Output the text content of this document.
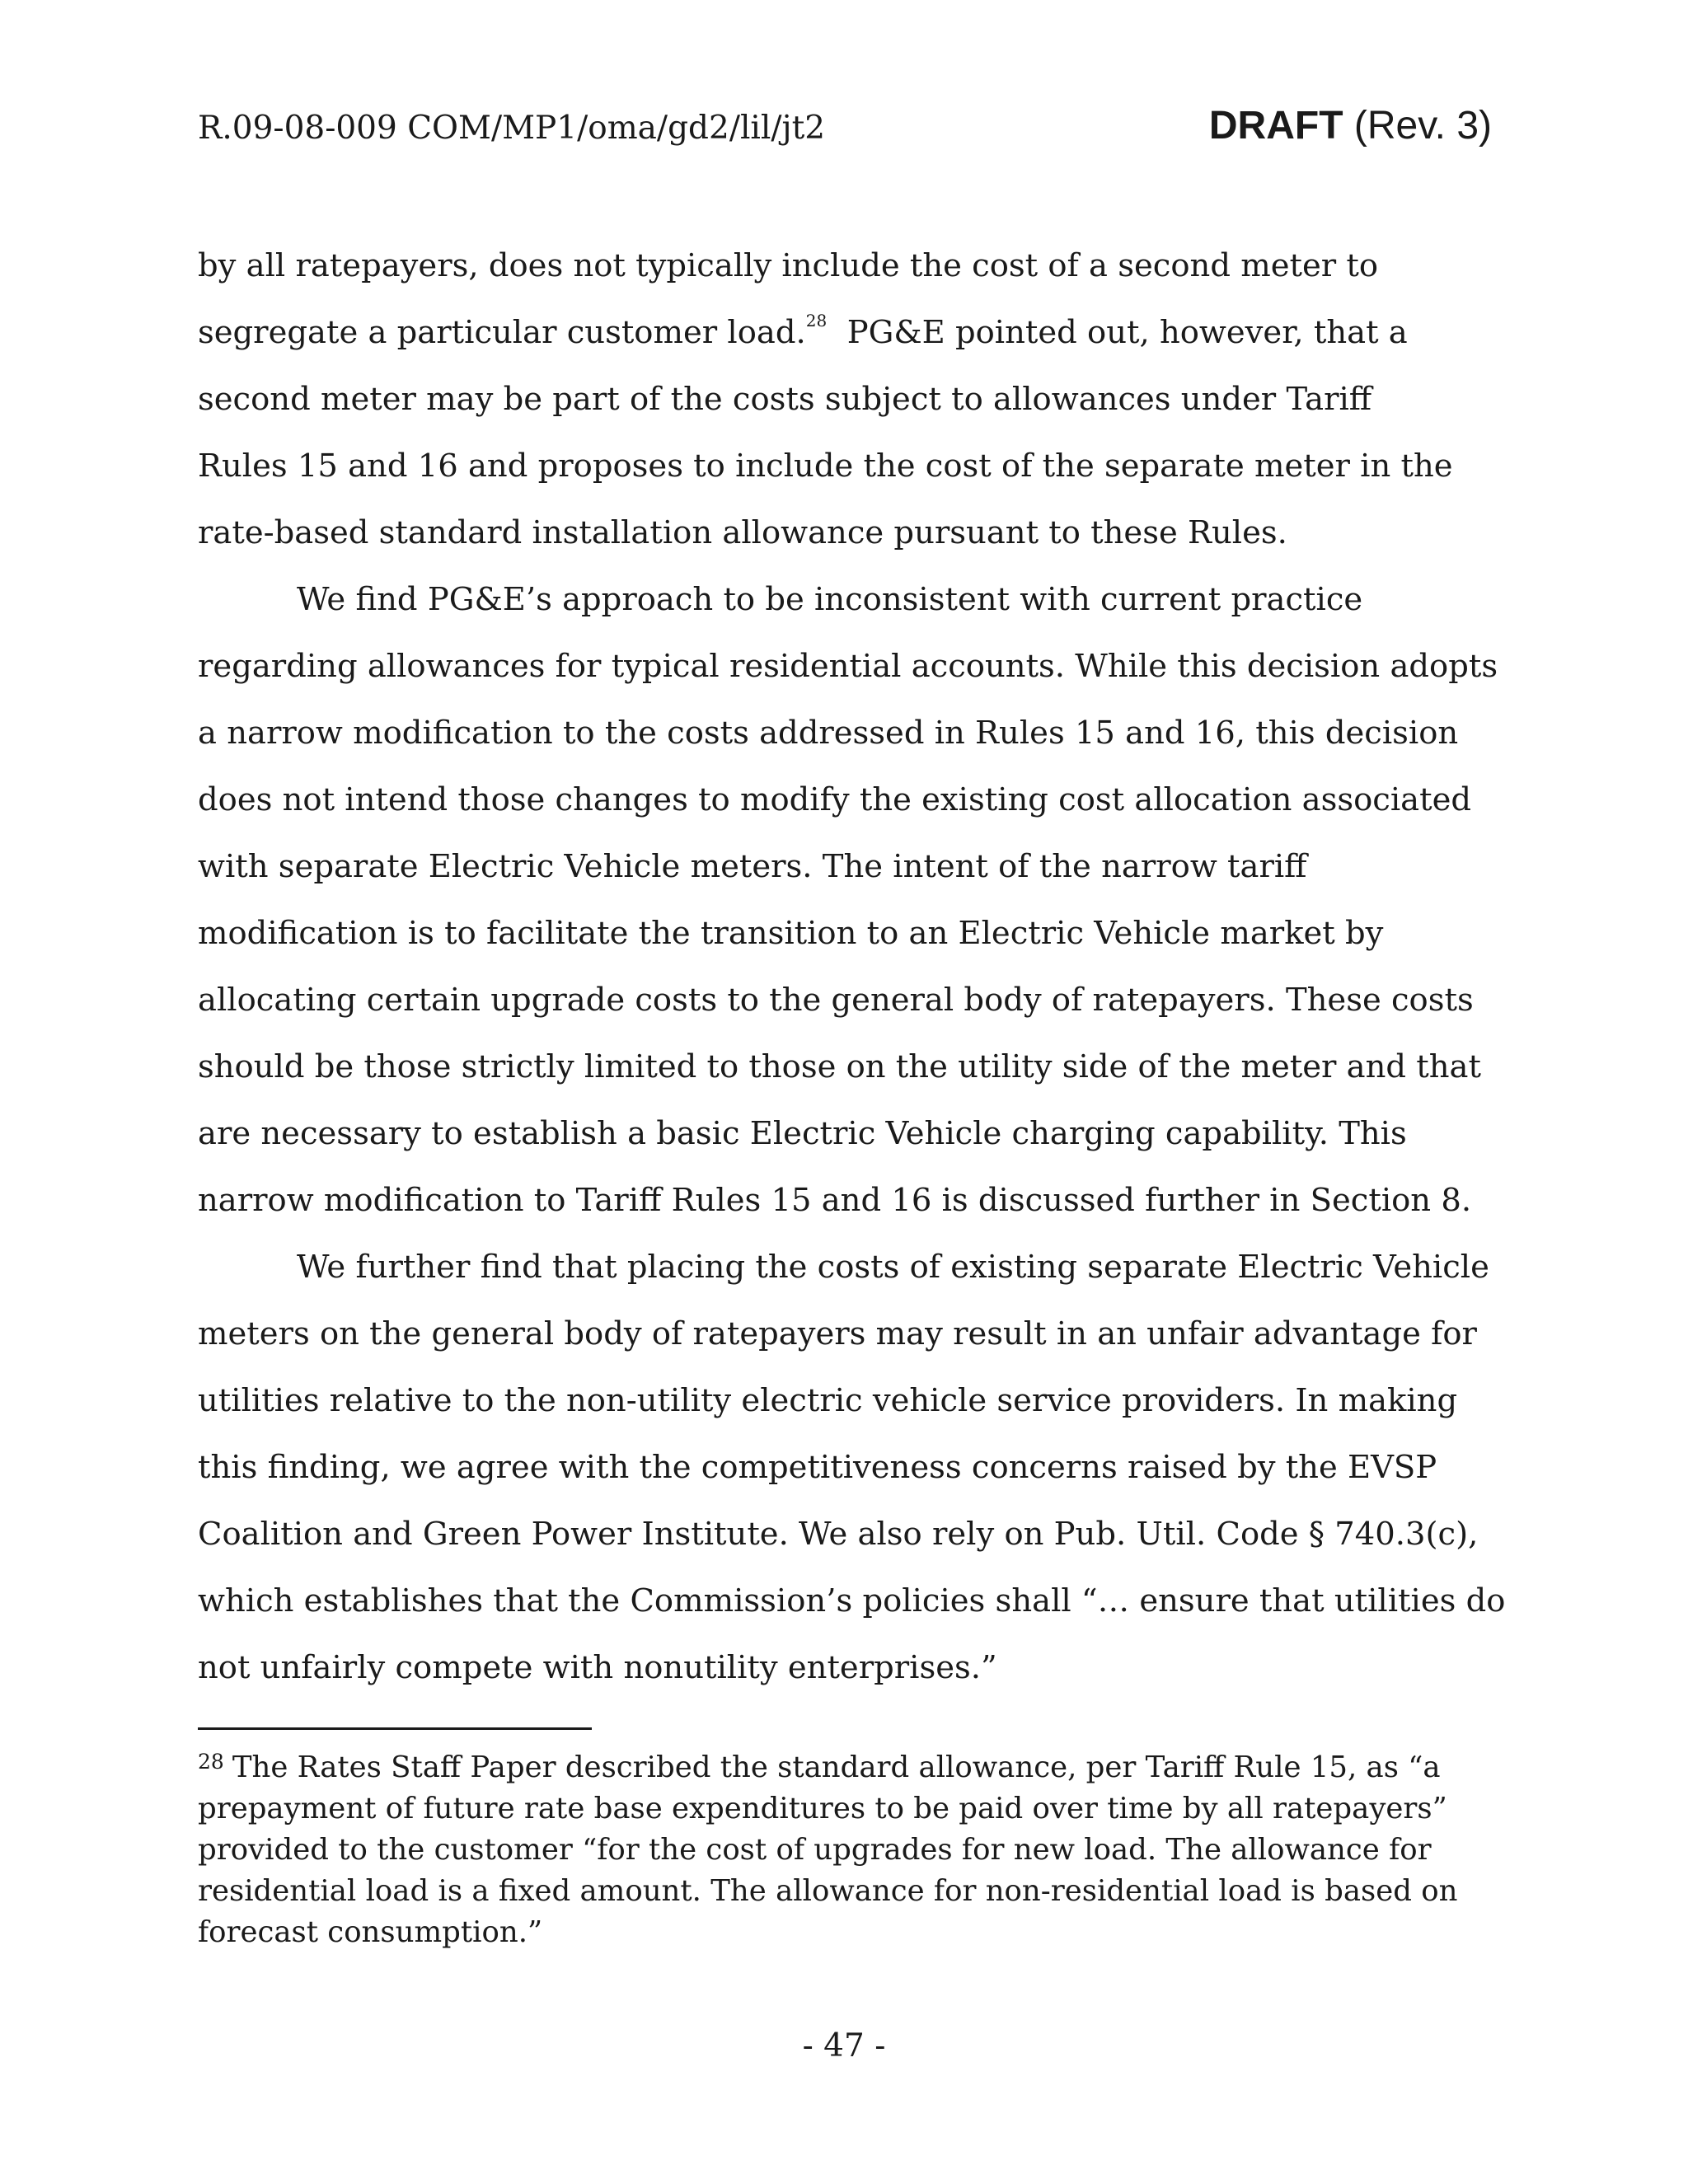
R.09-08-009 COM/MP1/oma/gd2/lil/jt2	DRAFT (Rev. 3)

by all ratepayers, does not typically include the cost of a second meter to
segregate a particular customer load.$^{28}$ PG&E pointed out, however, that a
second meter may be part of the costs subject to allowances under Tariff
Rules 15 and 16 and proposes to include the cost of the separate meter in the
rate-based standard installation allowance pursuant to these Rules.

We find PG&E’s approach to be inconsistent with current practice
regarding allowances for typical residential accounts. While this decision adopts
a narrow modification to the costs addressed in Rules 15 and 16, this decision
does not intend those changes to modify the existing cost allocation associated
with separate Electric Vehicle meters. The intent of the narrow tariff
modification is to facilitate the transition to an Electric Vehicle market by
allocating certain upgrade costs to the general body of ratepayers. These costs
should be those strictly limited to those on the utility side of the meter and that
are necessary to establish a basic Electric Vehicle charging capability. This
narrow modification to Tariff Rules 15 and 16 is discussed further in Section 8.

We further find that placing the costs of existing separate Electric Vehicle
meters on the general body of ratepayers may result in an unfair advantage for
utilities relative to the non-utility electric vehicle service providers. In making
this finding, we agree with the competitiveness concerns raised by the EVSP
Coalition and Green Power Institute. We also rely on Pub. Util. Code § 740.3(c),
which establishes that the Commission’s policies shall “… ensure that utilities do
not unfairly compete with nonutility enterprises.”

$^{28}$ The Rates Staff Paper described the standard allowance, per Tariff Rule 15, as “a
prepayment of future rate base expenditures to be paid over time by all ratepayers”
provided to the customer “for the cost of upgrades for new load. The allowance for
residential load is a fixed amount. The allowance for non-residential load is based on
forecast consumption.”
- 47 -
